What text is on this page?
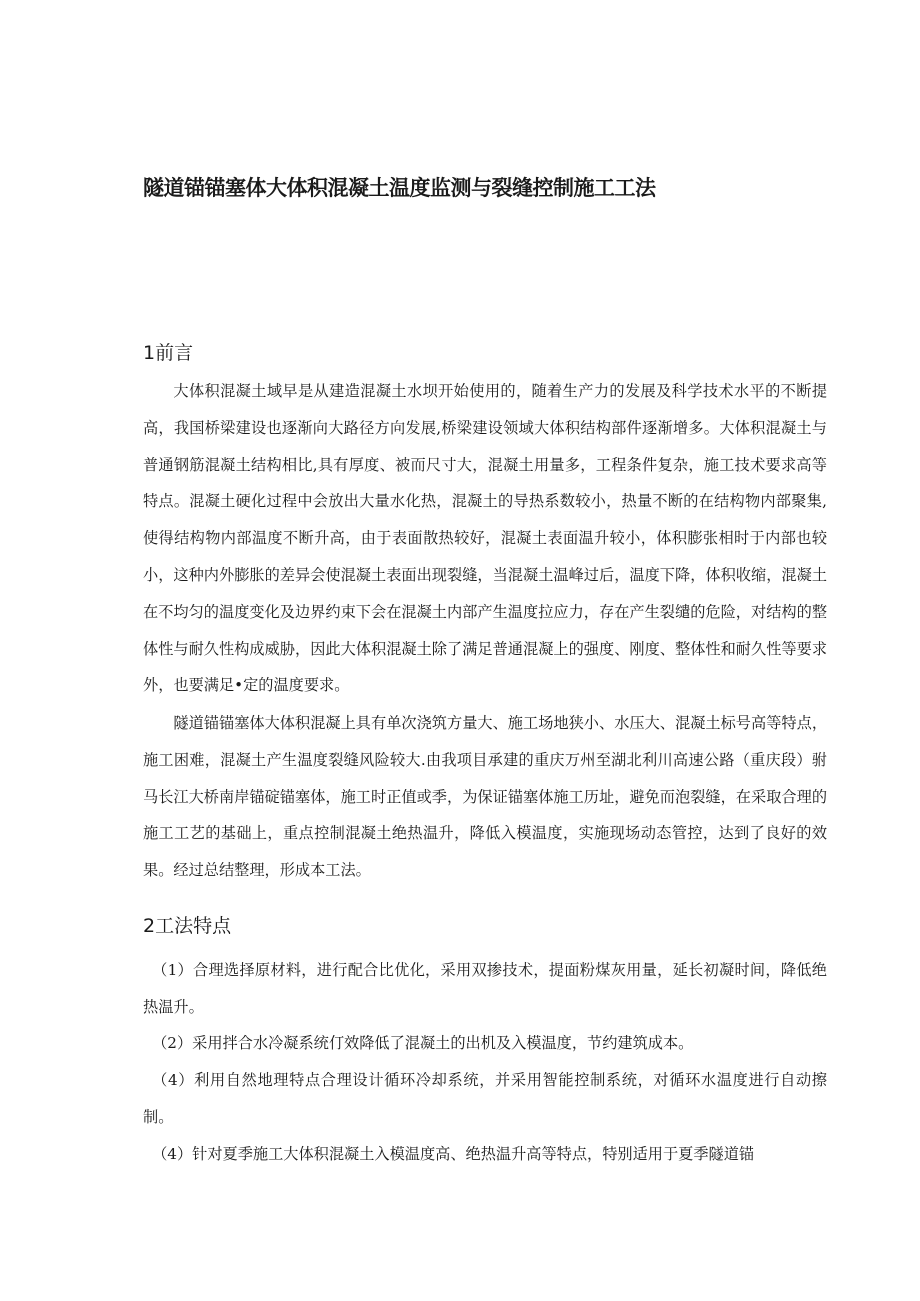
隧道锚锚塞体大体积混凝土温度监测与裂缝控制施工工法
1前言

大体积混凝土域早是从建造混凝土水坝开始使用的，随着生产力的发展及科学技术水平的不断提高，我国桥梁建设也逐渐向大路径方向发展,桥梁建设领域大体积结构部件逐渐增多。大体积混凝土与普通钢筋混凝土结构相比,具有厚度、被而尺寸大，混凝土用量多，工程条件复杂，施工技术要求高等特点。混凝土硬化过程中会放出大量水化热，混凝土的导热系数较小，热量不断的在结构物内部聚集,使得结构物内部温度不断升高，由于表面散热较好，混凝土表面温升较小，体积膨张相时于内部也较小，这种内外膨胀的差异会使混凝土表面出现裂缝，当混凝土温峰过后，温度下降，体积收缩，混凝土在不均匀的温度变化及边界约束下会在混凝土内部产生温度拉应力，存在产生裂缱的危险，对结构的整体性与耐久性构成威胁，因此大体积混凝土除了满足普通混凝上的强度、刚度、整体性和耐久性等要求外，也要满足•定的温度要求。

隧道锚锚塞体大体积混凝上具有单次浇筑方量大、施工场地狭小、水压大、混凝土标号高等特点，施工困难，混凝土产生温度裂缝风险较大.由我项目承建的重庆万州至湖北利川高速公路（重庆段）驸马长江大桥南岸锚碇锚塞体，施工时正值或季，为保证锚塞体施工历址，避免而泡裂缝，在采取合理的施工工艺的基础上，重点控制混凝土绝热温升，降低入模温度，实施现场动态管控，达到了良好的效果。经过总结整理，形成本工法。

2工法特点

（1）合理选择原材料，进行配合比优化，采用双掺技术，提面粉煤灰用量，延长初凝时间，降低绝热温升。

（2）采用拌合水冷凝系统仃效降低了混凝土的出机及入模温度，节约建筑成本。

（4）利用自然地理特点合理设计循环冷却系统，并采用智能控制系统，对循环水温度进行自动擦制。

（4）针对夏季施工大体积混凝土入模温度高、绝热温升高等特点，特别适用于夏季隧道锚
